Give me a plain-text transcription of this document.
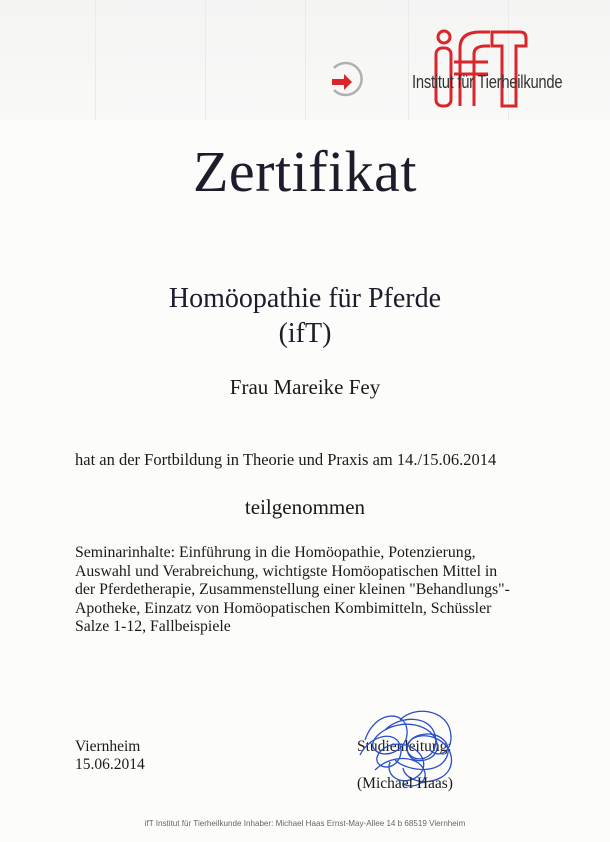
Institut für Tierheilkunde
Zertifikat
Homöopathie für Pferde
(ifT)
Frau Mareike Fey
hat an der Fortbildung in Theorie und Praxis am 14./15.06.2014
teilgenommen
Seminarinhalte: Einführung in die Homöopathie, Potenzierung,
Auswahl und Verabreichung, wichtigste Homöopatischen Mittel in
der Pferdetherapie, Zusammenstellung einer kleinen "Behandlungs"-
Apotheke, Einzatz von Homöopatischen Kombimitteln, Schüssler
Salze 1-12, Fallbeispiele
Viernheim
15.06.2014
Studienleitung:
(Michael Haas)
ifT Institut für Tierheilkunde Inhaber: Michael Haas Ernst-May-Allee 14 b 68519 Viernheim
